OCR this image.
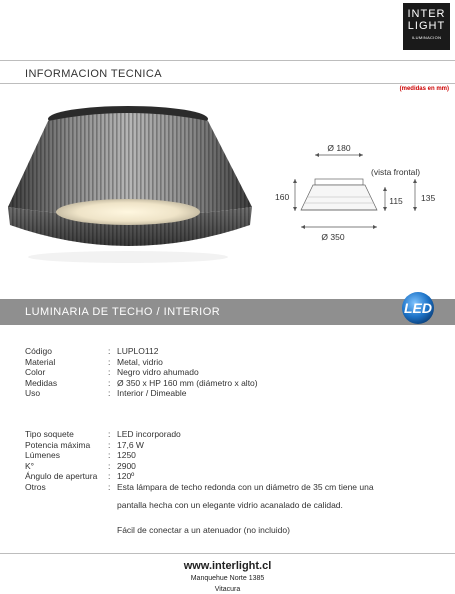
INTER
LIGHT
ILUMINACION
INFORMACION TECNICA
(medidas en mm)
Ø 180
(vista frontal)
160	115 135
Ø 350
LUMINARIA DE TECHO / INTERIOR	LED
Código	: LUPLO112
Material	: Metal, vidrio
Color	: Negro vidro ahumado
Medidas	: Ø 350 x HP 160 mm (diámetro x alto)
Uso	: Interior / Dimeable
Tipo soquete	: LED incorporado
Potencia máxima : 17,6 W
Lúmenes	: 1250
K°	: 2900
Ángulo de apertura : 120º
Otros	: Esta lámpara de techo redonda con un diámetro de 35 cm tiene una
pantalla hecha con un elegante vidrio acanalado de calidad.
Fácil de conectar a un atenuador (no incluido)
www.interlight.cl
Manquehue Norte 1385
Vitacura
